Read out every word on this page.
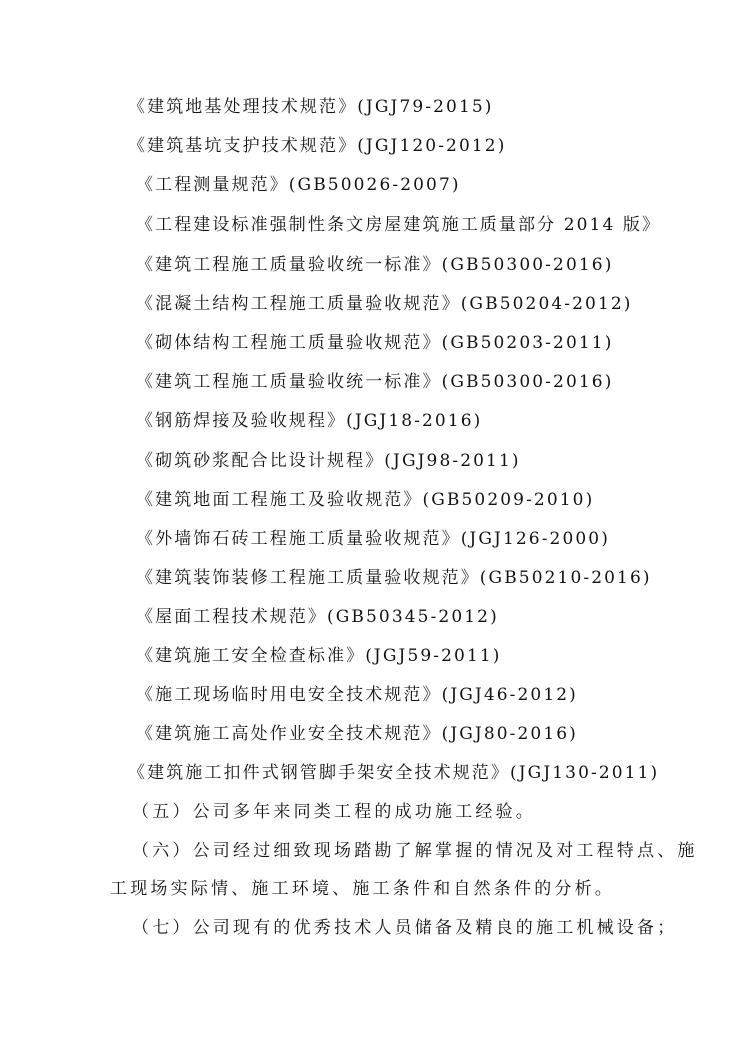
《建筑地基处理技术规范》(JGJ79-2015)
《建筑基坑支护技术规范》(JGJ120-2012)
《工程测量规范》(GB50026-2007)
《工程建设标准强制性条文房屋建筑施工质量部分 2014 版》
《建筑工程施工质量验收统一标准》(GB50300-2016)
《混凝土结构工程施工质量验收规范》(GB50204-2012)
《砌体结构工程施工质量验收规范》(GB50203-2011)
《建筑工程施工质量验收统一标准》(GB50300-2016)
《钢筋焊接及验收规程》(JGJ18-2016)
《砌筑砂浆配合比设计规程》(JGJ98-2011)
《建筑地面工程施工及验收规范》(GB50209-2010)
《外墙饰石砖工程施工质量验收规范》(JGJ126-2000)
《建筑装饰装修工程施工质量验收规范》(GB50210-2016)
《屋面工程技术规范》(GB50345-2012)
《建筑施工安全检查标准》(JGJ59-2011)
《施工现场临时用电安全技术规范》(JGJ46-2012)
《建筑施工高处作业安全技术规范》(JGJ80-2016)
《建筑施工扣件式钢管脚手架安全技术规范》(JGJ130-2011)
（五）公司多年来同类工程的成功施工经验。
（六）公司经过细致现场踏勘了解掌握的情况及对工程特点、施
工现场实际情、施工环境、施工条件和自然条件的分析。
（七）公司现有的优秀技术人员储备及精良的施工机械设备；
